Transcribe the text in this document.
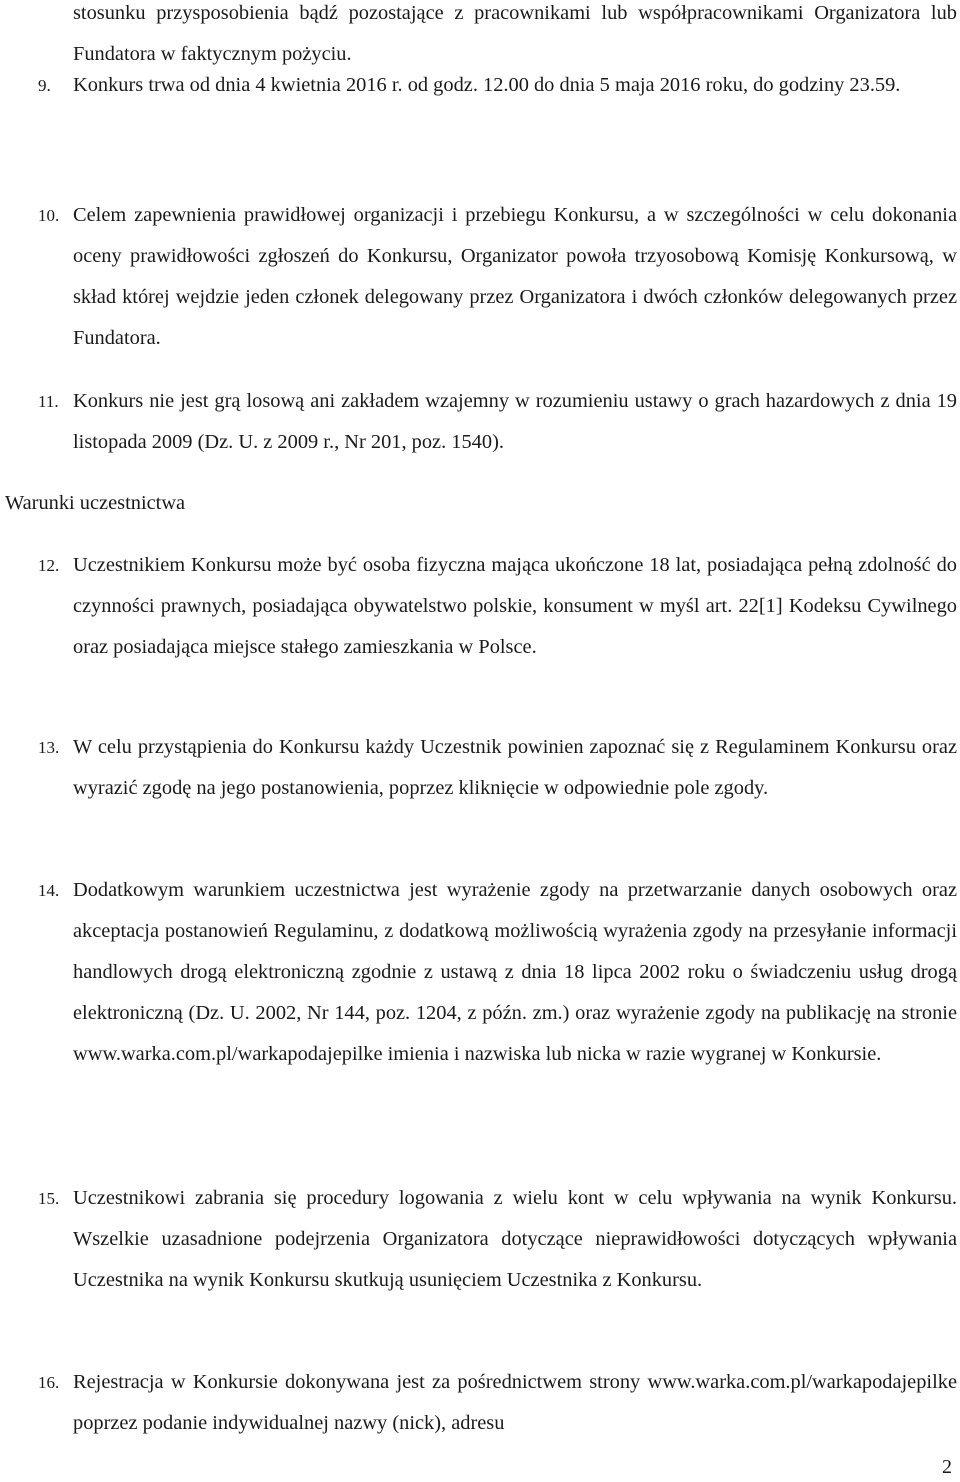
stosunku przysposobienia bądź pozostające z pracownikami lub współpracownikami Organizatora lub Fundatora w faktycznym pożyciu.
9. Konkurs trwa od dnia 4 kwietnia 2016 r. od godz. 12.00 do dnia 5 maja 2016 roku, do godziny 23.59.
10. Celem zapewnienia prawidłowej organizacji i przebiegu Konkursu, a w szczególności w celu dokonania oceny prawidłowości zgłoszeń do Konkursu, Organizator powoła trzyosobową Komisję Konkursową, w skład której wejdzie jeden członek delegowany przez Organizatora i dwóch członków delegowanych przez Fundatora.
11. Konkurs nie jest grą losową ani zakładem wzajemny w rozumieniu ustawy o grach hazardowych z dnia 19 listopada 2009 (Dz. U. z 2009 r., Nr 201, poz. 1540).
Warunki uczestnictwa
12. Uczestnikiem Konkursu może być osoba fizyczna mająca ukończone 18 lat, posiadająca pełną zdolność do czynności prawnych, posiadająca obywatelstwo polskie, konsument w myśl art. 22[1] Kodeksu Cywilnego oraz posiadająca miejsce stałego zamieszkania w Polsce.
13. W celu przystąpienia do Konkursu każdy Uczestnik powinien zapoznać się z Regulaminem Konkursu oraz wyrazić zgodę na jego postanowienia, poprzez kliknięcie w odpowiednie pole zgody.
14. Dodatkowym warunkiem uczestnictwa jest wyrażenie zgody na przetwarzanie danych osobowych oraz akceptacja postanowień Regulaminu, z dodatkową możliwością wyrażenia zgody na przesyłanie informacji handlowych drogą elektroniczną zgodnie z ustawą z dnia 18 lipca 2002 roku o świadczeniu usług drogą elektroniczną (Dz. U. 2002, Nr 144, poz. 1204, z późn. zm.) oraz wyrażenie zgody na publikację na stronie www.warka.com.pl/warkapodajepilke imienia i nazwiska lub nicka w razie wygranej w Konkursie.
15. Uczestnikowi zabrania się procedury logowania z wielu kont w celu wpływania na wynik Konkursu. Wszelkie uzasadnione podejrzenia Organizatora dotyczące nieprawidłowości dotyczących wpływania Uczestnika na wynik Konkursu skutkują usunięciem Uczestnika z Konkursu.
16. Rejestracja w Konkursie dokonywana jest za pośrednictwem strony www.warka.com.pl/warkapodajepilke poprzez podanie indywidualnej nazwy (nick), adresu
2
